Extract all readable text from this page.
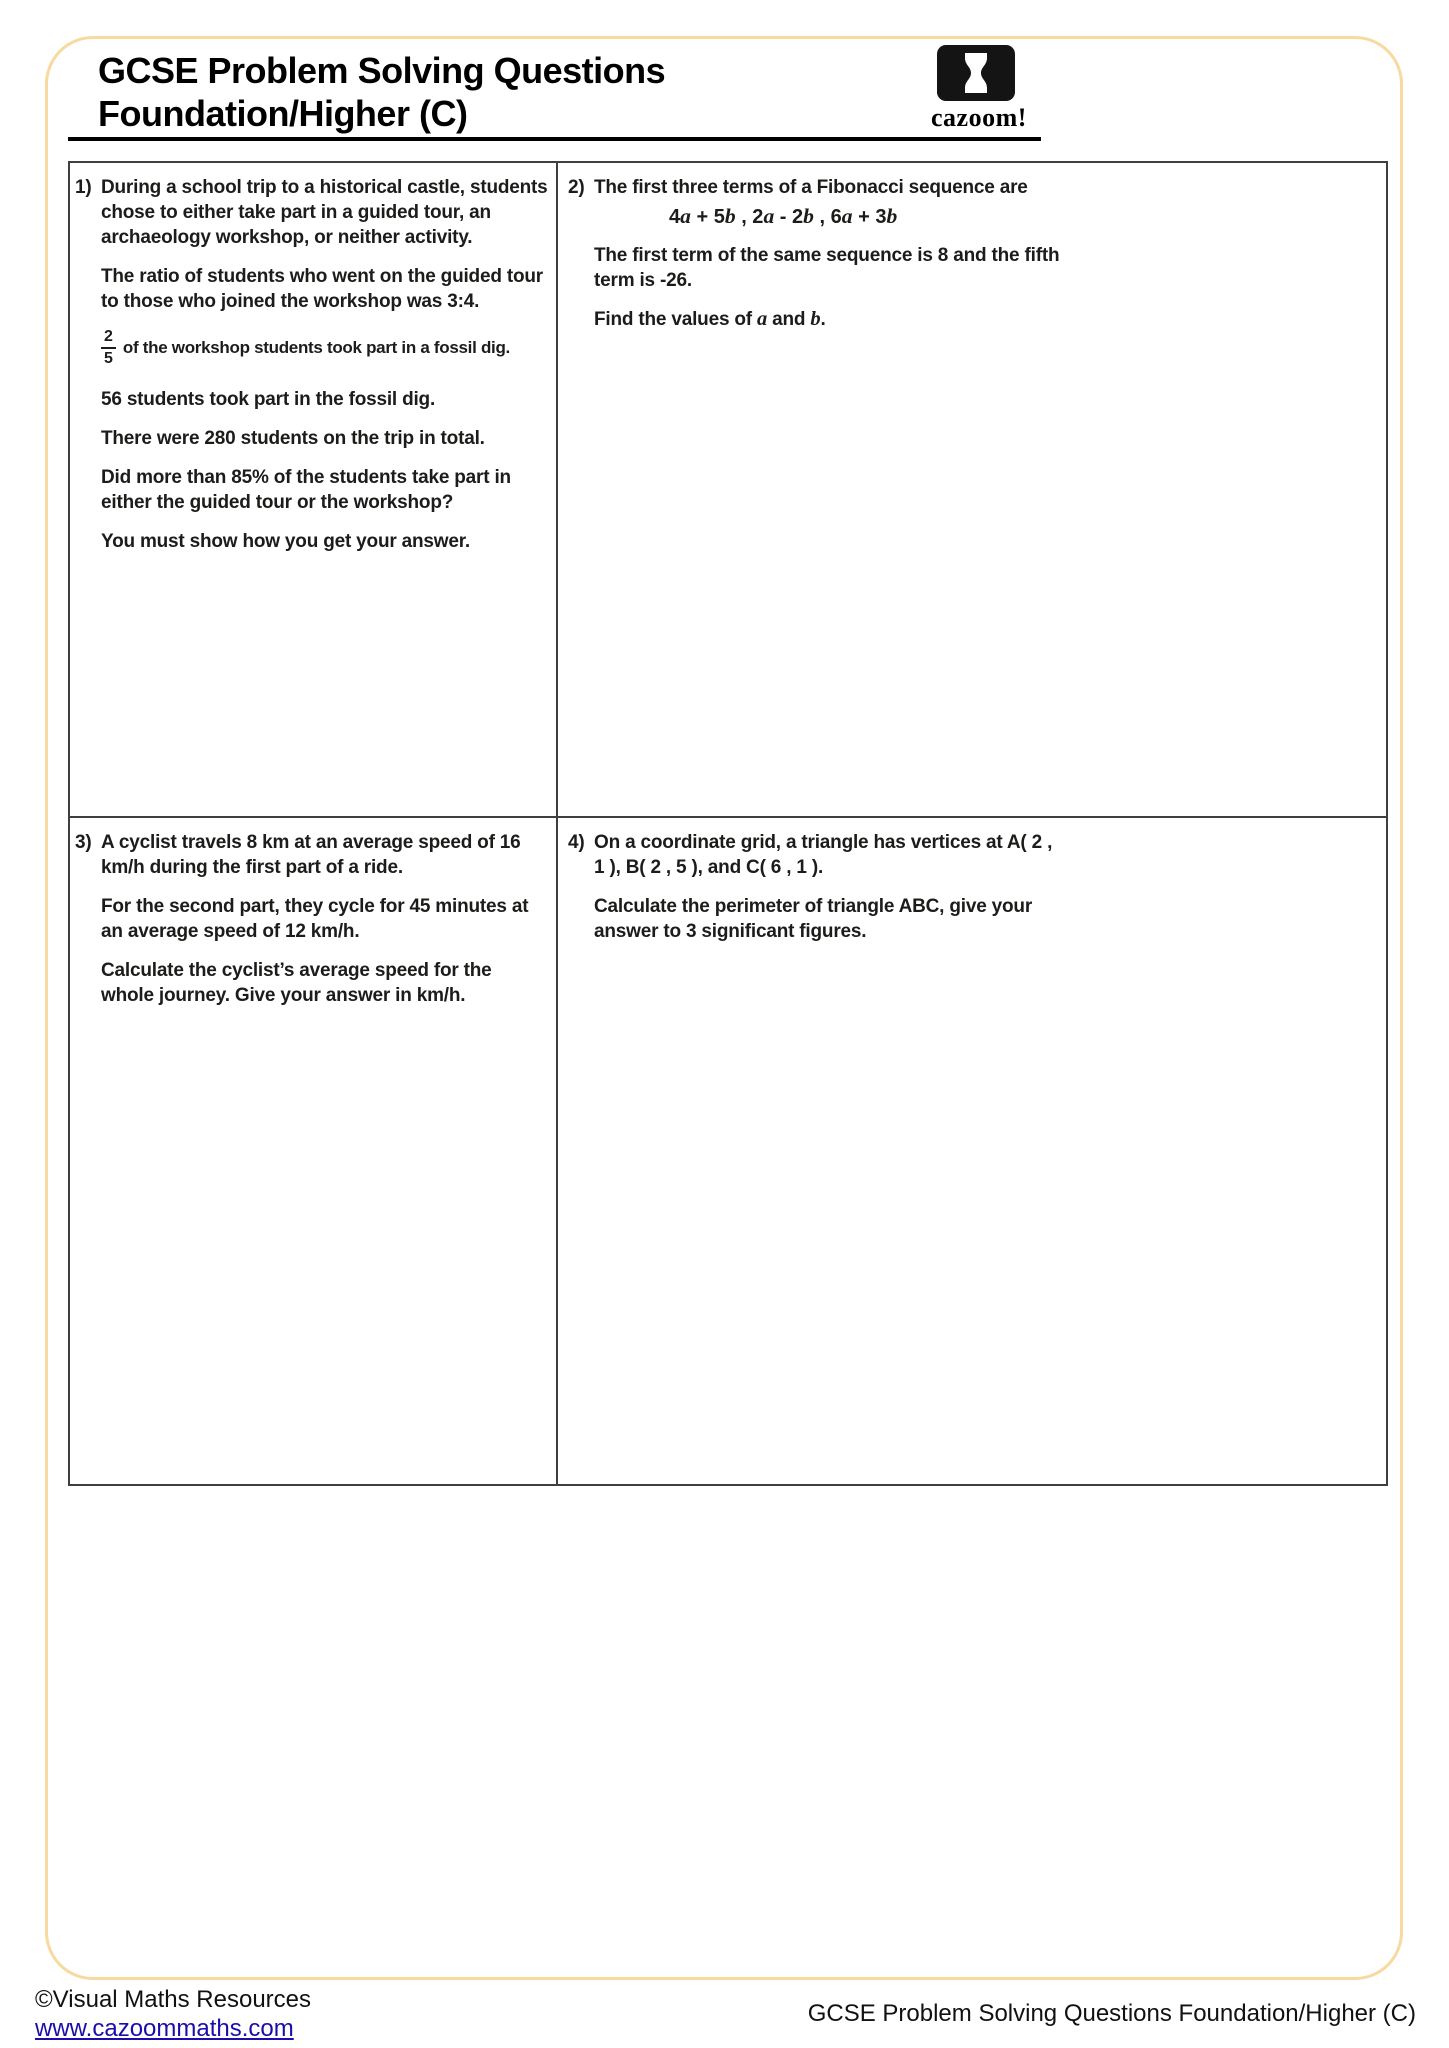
GCSE Problem Solving Questions
Foundation/Higher (C)	cazoom!
1) During a school trip to a historical castle, students chose to either take part in a guided tour, an archaeology workshop, or neither activity.

The ratio of students who went on the guided tour to those who joined the workshop was 3:4.

$\frac{2}{5}$ of the workshop students took part in a fossil dig.

56 students took part in the fossil dig.

There were 280 students on the trip in total.

Did more than 85% of the students take part in either the guided tour or the workshop?

You must show how you get your answer.

2) The first three terms of a Fibonacci sequence are

4a + 5b , 2a - 2b , 6a + 3b

The first term of the same sequence is 8 and the fifth term is -26.

Find the values of a and b.

3) A cyclist travels 8 km at an average speed of 16 km/h during the first part of a ride.

For the second part, they cycle for 45 minutes at an average speed of 12 km/h.

Calculate the cyclist’s average speed for the whole journey. Give your answer in km/h.

4) On a coordinate grid, a triangle has vertices at A( 2 , 1 ), B( 2 , 5 ), and C( 6 , 1 ).

Calculate the perimeter of triangle ABC, give your answer to 3 significant figures.

©Visual Maths Resources
www.cazoommaths.com
GCSE Problem Solving Questions Foundation/Higher (C)
